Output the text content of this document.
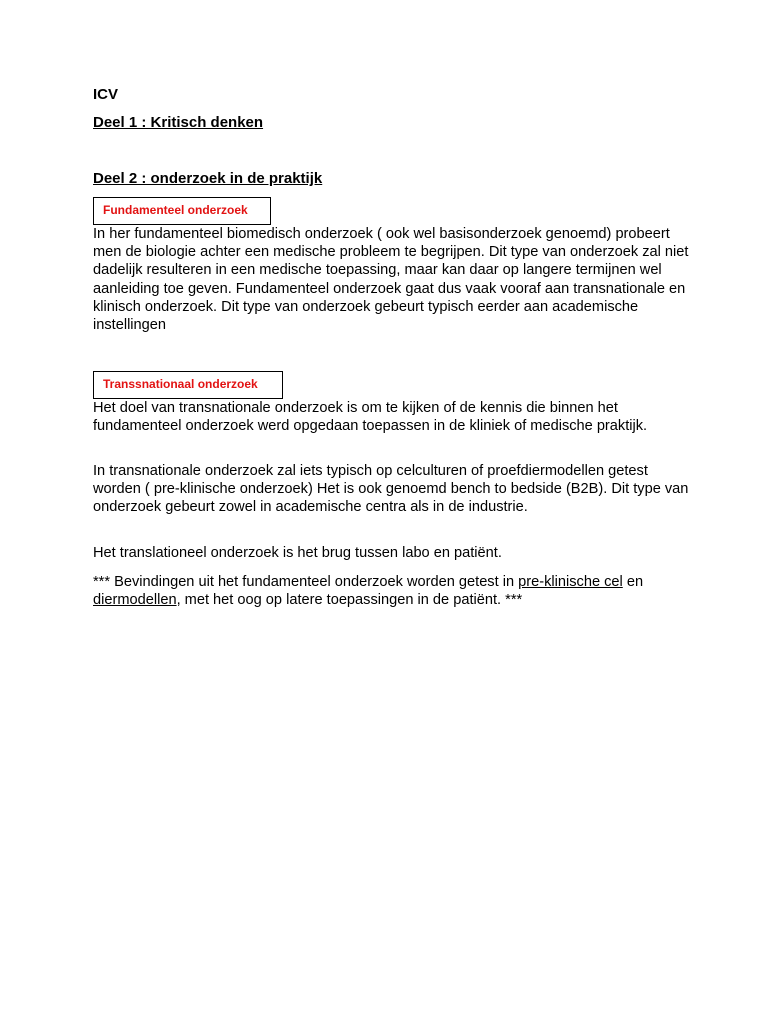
ICV

Deel 1 : Kritisch denken

Deel 2 : onderzoek in de praktijk

Fundamenteel onderzoek

In her fundamenteel biomedisch onderzoek ( ook wel basisonderzoek genoemd) probeert men de biologie achter een medische probleem te begrijpen. Dit type van onderzoek zal niet dadelijk resulteren in een medische toepassing, maar kan daar op langere termijnen wel aanleiding toe geven. Fundamenteel onderzoek gaat dus vaak vooraf aan transnationale en klinisch onderzoek. Dit type van onderzoek gebeurt typisch eerder aan academische instellingen

Transsnationaal onderzoek

Het doel van transnationale onderzoek is om te kijken of de kennis die binnen het fundamenteel onderzoek werd opgedaan toepassen in de kliniek of medische praktijk.

In transnationale onderzoek zal iets typisch op celculturen of proefdiermodellen getest worden ( pre-klinische onderzoek) Het is ook genoemd bench to bedside (B2B). Dit type van onderzoek gebeurt zowel in academische centra als in de industrie.

Het translationeel onderzoek is het brug tussen labo en patiënt.

*** Bevindingen uit het fundamenteel onderzoek worden getest in pre-klinische cel en diermodellen, met het oog op latere toepassingen in de patiënt. ***
